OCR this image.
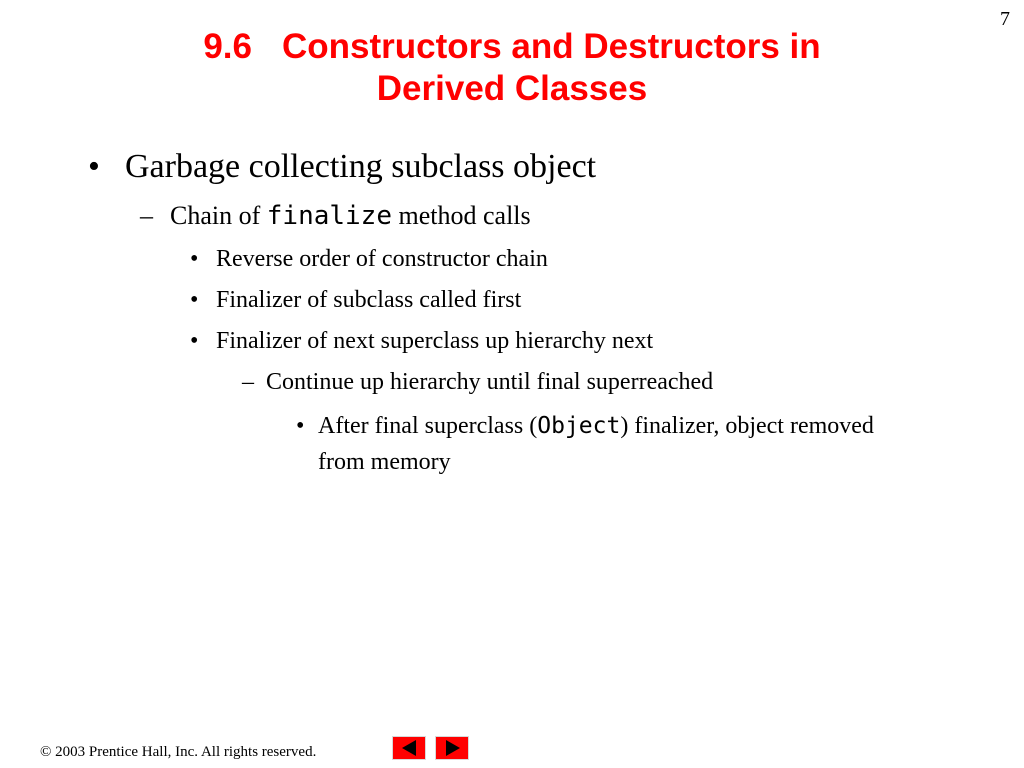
7
9.6 Constructors and Destructors in
Derived Classes
• Garbage collecting subclass object
– Chain of finalize method calls
• Reverse order of constructor chain
• Finalizer of subclass called first
• Finalizer of next superclass up hierarchy next
– Continue up hierarchy until final superreached
• After final superclass (Object) finalizer, object removed from memory
© 2003 Prentice Hall, Inc. All rights reserved.
